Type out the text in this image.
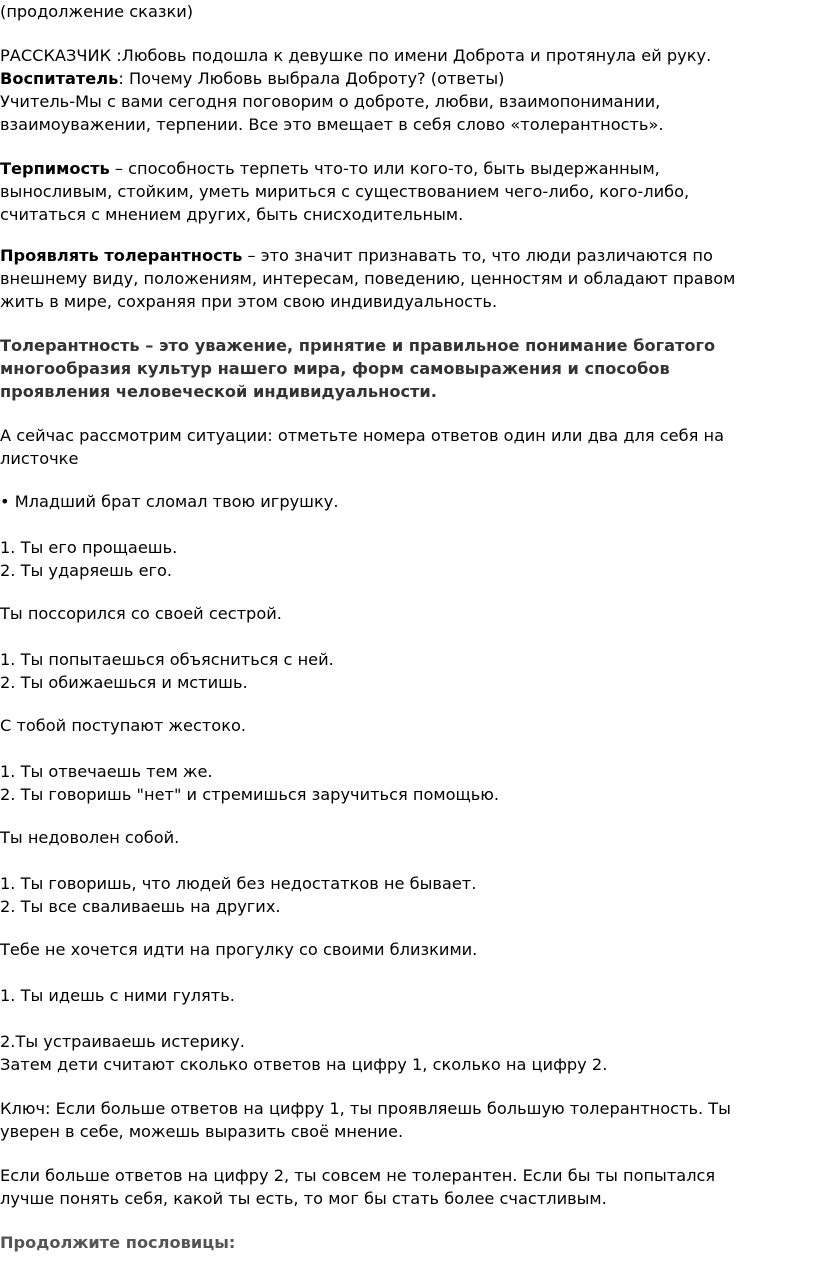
(продолжение сказки)

РАССКАЗЧИК :Любовь подошла к девушке по имени Доброта и протянула ей руку.

Воспитатель: Почему Любовь выбрала Доброту? (ответы)

Учитель-Мы с вами сегодня поговорим о доброте, любви, взаимопонимании,

взаимоуважении, терпении. Все это вмещает в себя слово «толерантность».

Терпимость – способность терпеть что-то или кого-то, быть выдержанным,

выносливым, стойким, уметь мириться с существованием чего-либо, кого-либо,

считаться с мнением других, быть снисходительным.

Проявлять толерантность – это значит признавать то, что люди различаются по

внешнему виду, положениям, интересам, поведению, ценностям и обладают правом

жить в мире, сохраняя при этом свою индивидуальность.

Толерантность – это уважение, принятие и правильное понимание богатого

многообразия культур нашего мира, форм самовыражения и способов

проявления человеческой индивидуальности.

А сейчас рассмотрим ситуации: отметьте номера ответов один или два для себя на

листочке

• Младший брат сломал твою игрушку.

1. Ты его прощаешь.

2. Ты ударяешь его.

Ты поссорился со своей сестрой.

1. Ты попытаешься объясниться с ней.

2. Ты обижаешься и мстишь.

С тобой поступают жестоко.

1. Ты отвечаешь тем же.

2. Ты говоришь "нет" и стремишься заручиться помощью.

Ты недоволен собой.

1. Ты говоришь, что людей без недостатков не бывает.

2. Ты все сваливаешь на других.

Тебе не хочется идти на прогулку со своими близкими.

1. Ты идешь с ними гулять.

2.Ты устраиваешь истерику.

Затем дети считают сколько ответов на цифру 1, сколько на цифру 2.

Ключ: Если больше ответов на цифру 1, ты проявляешь большую толерантность. Ты

уверен в себе, можешь выразить своё мнение.

Если больше ответов на цифру 2, ты совсем не толерантен. Если бы ты попытался

лучше понять себя, какой ты есть, то мог бы стать более счастливым.

Продолжите пословицы:
